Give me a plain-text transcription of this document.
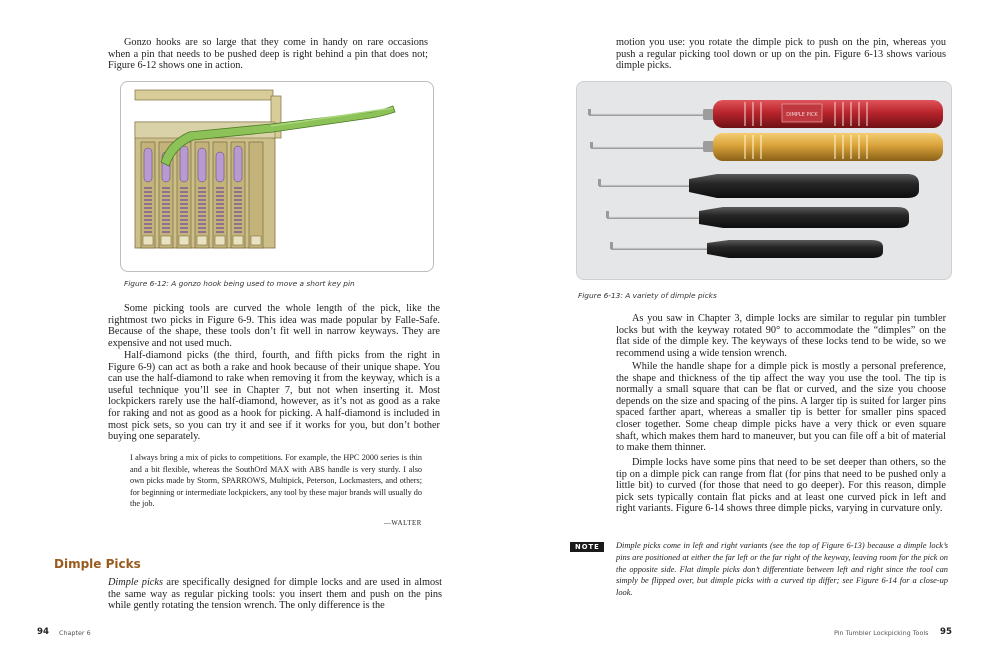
Gonzo hooks are so large that they come in handy on rare occasions when a pin that needs to be pushed deep is right behind a pin that does not; Figure 6-12 shows one in action.

Figure 6-12: A gonzo hook being used to move a short key pin

Some picking tools are curved the whole length of the pick, like the rightmost two picks in Figure 6-9. This idea was made popular by Falle-Safe. Because of the shape, these tools don’t fit well in narrow keyways. They are expensive and not used much.

Half-diamond picks (the third, fourth, and fifth picks from the right in Figure 6-9) can act as both a rake and hook because of their unique shape. You can use the half-diamond to rake when removing it from the keyway, which is a useful technique you’ll see in Chapter 7, but not when inserting it. Most lockpickers rarely use the half-diamond, however, as it’s not as good as a rake for raking and not as good as a hook for picking. A half-diamond is included in most pick sets, so you can try it and see if it works for you, but don’t bother buying one separately.

I always bring a mix of picks to competitions. For example, the HPC 2000 series is thin and a bit flexible, whereas the SouthOrd MAX with ABS handle is very sturdy. I also own picks made by Storm, SPARROWS, Multipick, Peterson, Lockmasters, and others; for beginning or intermediate lockpickers, any tool by these major brands will usually do the job.

—WALTER
Dimple Picks

Dimple picks are specifically designed for dimple locks and are used in almost the same way as regular picking tools: you insert them and push on the pins while gently rotating the tension wrench. The only difference is the

94 Chapter 6

motion you use: you rotate the dimple pick to push on the pin, whereas you push a regular picking tool down or up on the pin. Figure 6-13 shows various dimple picks.

DIMPLE PICK
Figure 6-13: A variety of dimple picks

As you saw in Chapter 3, dimple locks are similar to regular pin tumbler locks but with the keyway rotated 90° to accommodate the “dimples” on the flat side of the dimple key. The keyways of these locks tend to be wide, so we recommend using a wide tension wrench.

While the handle shape for a dimple pick is mostly a personal preference, the shape and thickness of the tip affect the way you use the tool. The tip is normally a small square that can be flat or curved, and the size you choose depends on the size and spacing of the pins. A larger tip is suited for larger pins spaced farther apart, whereas a smaller tip is better for smaller pins spaced closer together. Some cheap dimple picks have a very thick or even square shaft, which makes them hard to maneuver, but you can file off a bit of material to make them thinner.

Dimple locks have some pins that need to be set deeper than others, so the tip on a dimple pick can range from flat (for pins that need to be pushed only a little bit) to curved (for those that need to go deeper). For this reason, dimple pick sets typically contain flat picks and at least one curved pick in left and right variants. Figure 6-14 shows three dimple picks, varying in curvature only.

NOTE	Dimple picks come in left and right variants (see the top of Figure 6-13) because a dimple lock’s pins are positioned at either the far left or the far right of the keyway, leaving room for the pick on the opposite side. Flat dimple picks don’t differentiate between left and right since the tool can simply be flipped over, but dimple picks with a curved tip differ; see Figure 6-14 for a close-up look.

Pin Tumbler Lockpicking Tools 95
